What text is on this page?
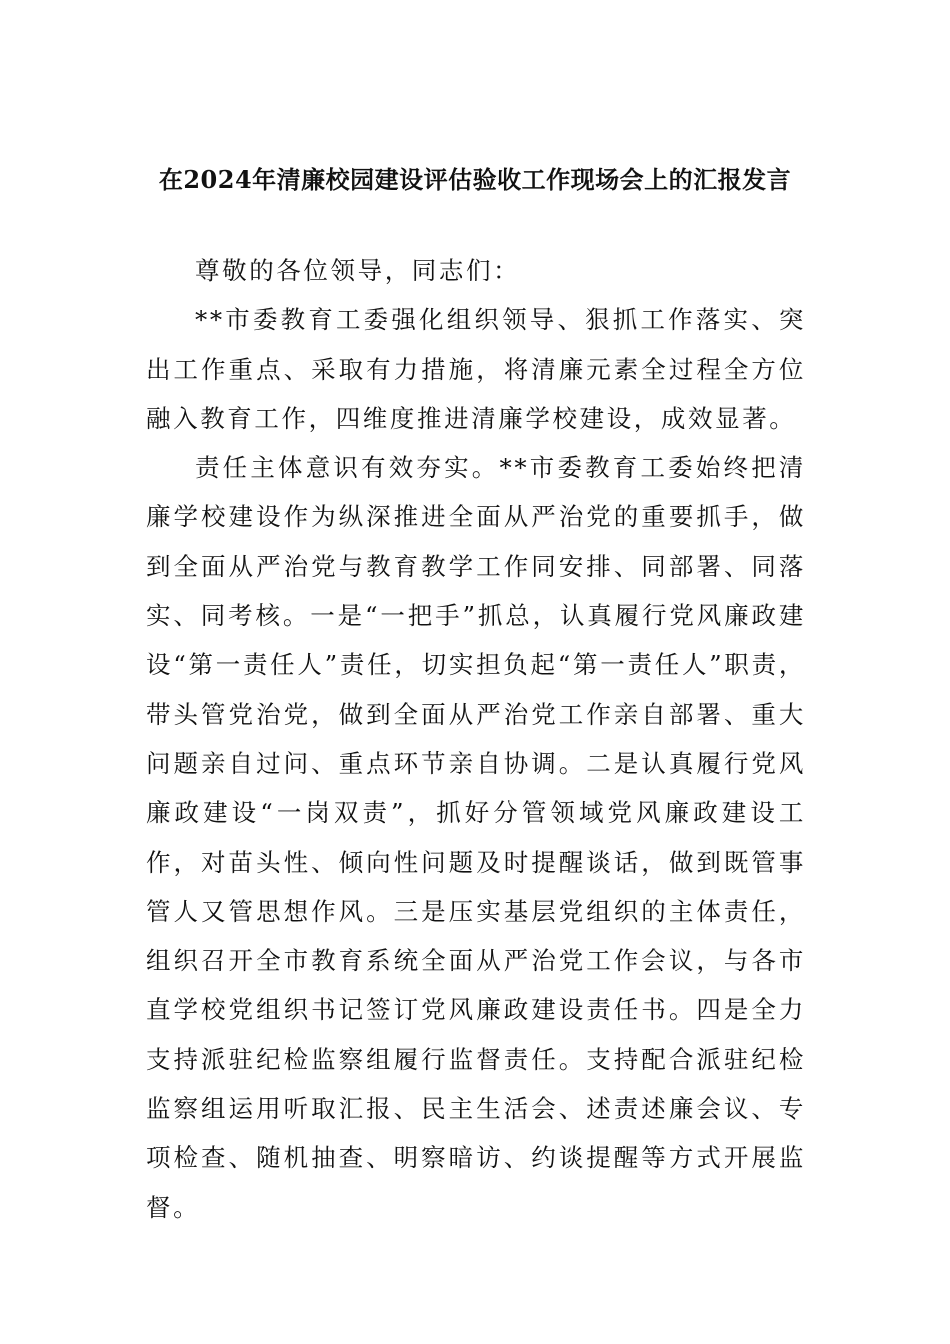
在2024年清廉校园建设评估验收工作现场会上的汇报发言

尊敬的各位领导，同志们：

**市委教育工委强化组织领导、狠抓工作落实、突出工作重点、采取有力措施，将清廉元素全过程全方位融入教育工作，四维度推进清廉学校建设，成效显著。

责任主体意识有效夯实。**市委教育工委始终把清廉学校建设作为纵深推进全面从严治党的重要抓手，做到全面从严治党与教育教学工作同安排、同部署、同落实、同考核。一是“一把手”抓总，认真履行党风廉政建设“第一责任人”责任，切实担负起“第一责任人”职责，带头管党治党，做到全面从严治党工作亲自部署、重大问题亲自过问、重点环节亲自协调。二是认真履行党风廉政建设“一岗双责”，抓好分管领域党风廉政建设工作，对苗头性、倾向性问题及时提醒谈话，做到既管事管人又管思想作风。三是压实基层党组织的主体责任，组织召开全市教育系统全面从严治党工作会议，与各市直学校党组织书记签订党风廉政建设责任书。四是全力支持派驻纪检监察组履行监督责任。支持配合派驻纪检监察组运用听取汇报、民主生活会、述责述廉会议、专项检查、随机抽查、明察暗访、约谈提醒等方式开展监督。
